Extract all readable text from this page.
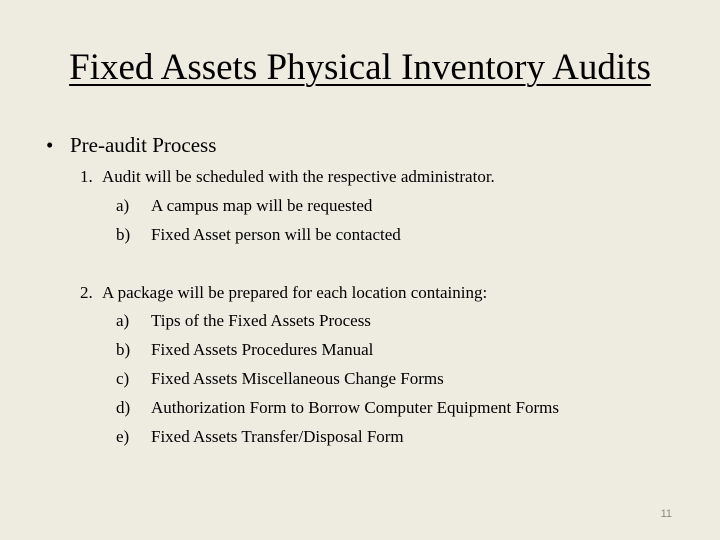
Fixed Assets Physical Inventory Audits
• Pre-audit Process
1. Audit will be scheduled with the respective administrator.
a) A campus map will be requested
b) Fixed Asset person will be contacted
2. A package will be prepared for each location containing:
a) Tips of the Fixed Assets Process
b) Fixed Assets Procedures Manual
c) Fixed Assets Miscellaneous Change Forms
d) Authorization Form to Borrow Computer Equipment Forms
e) Fixed Assets Transfer/Disposal Form
11
